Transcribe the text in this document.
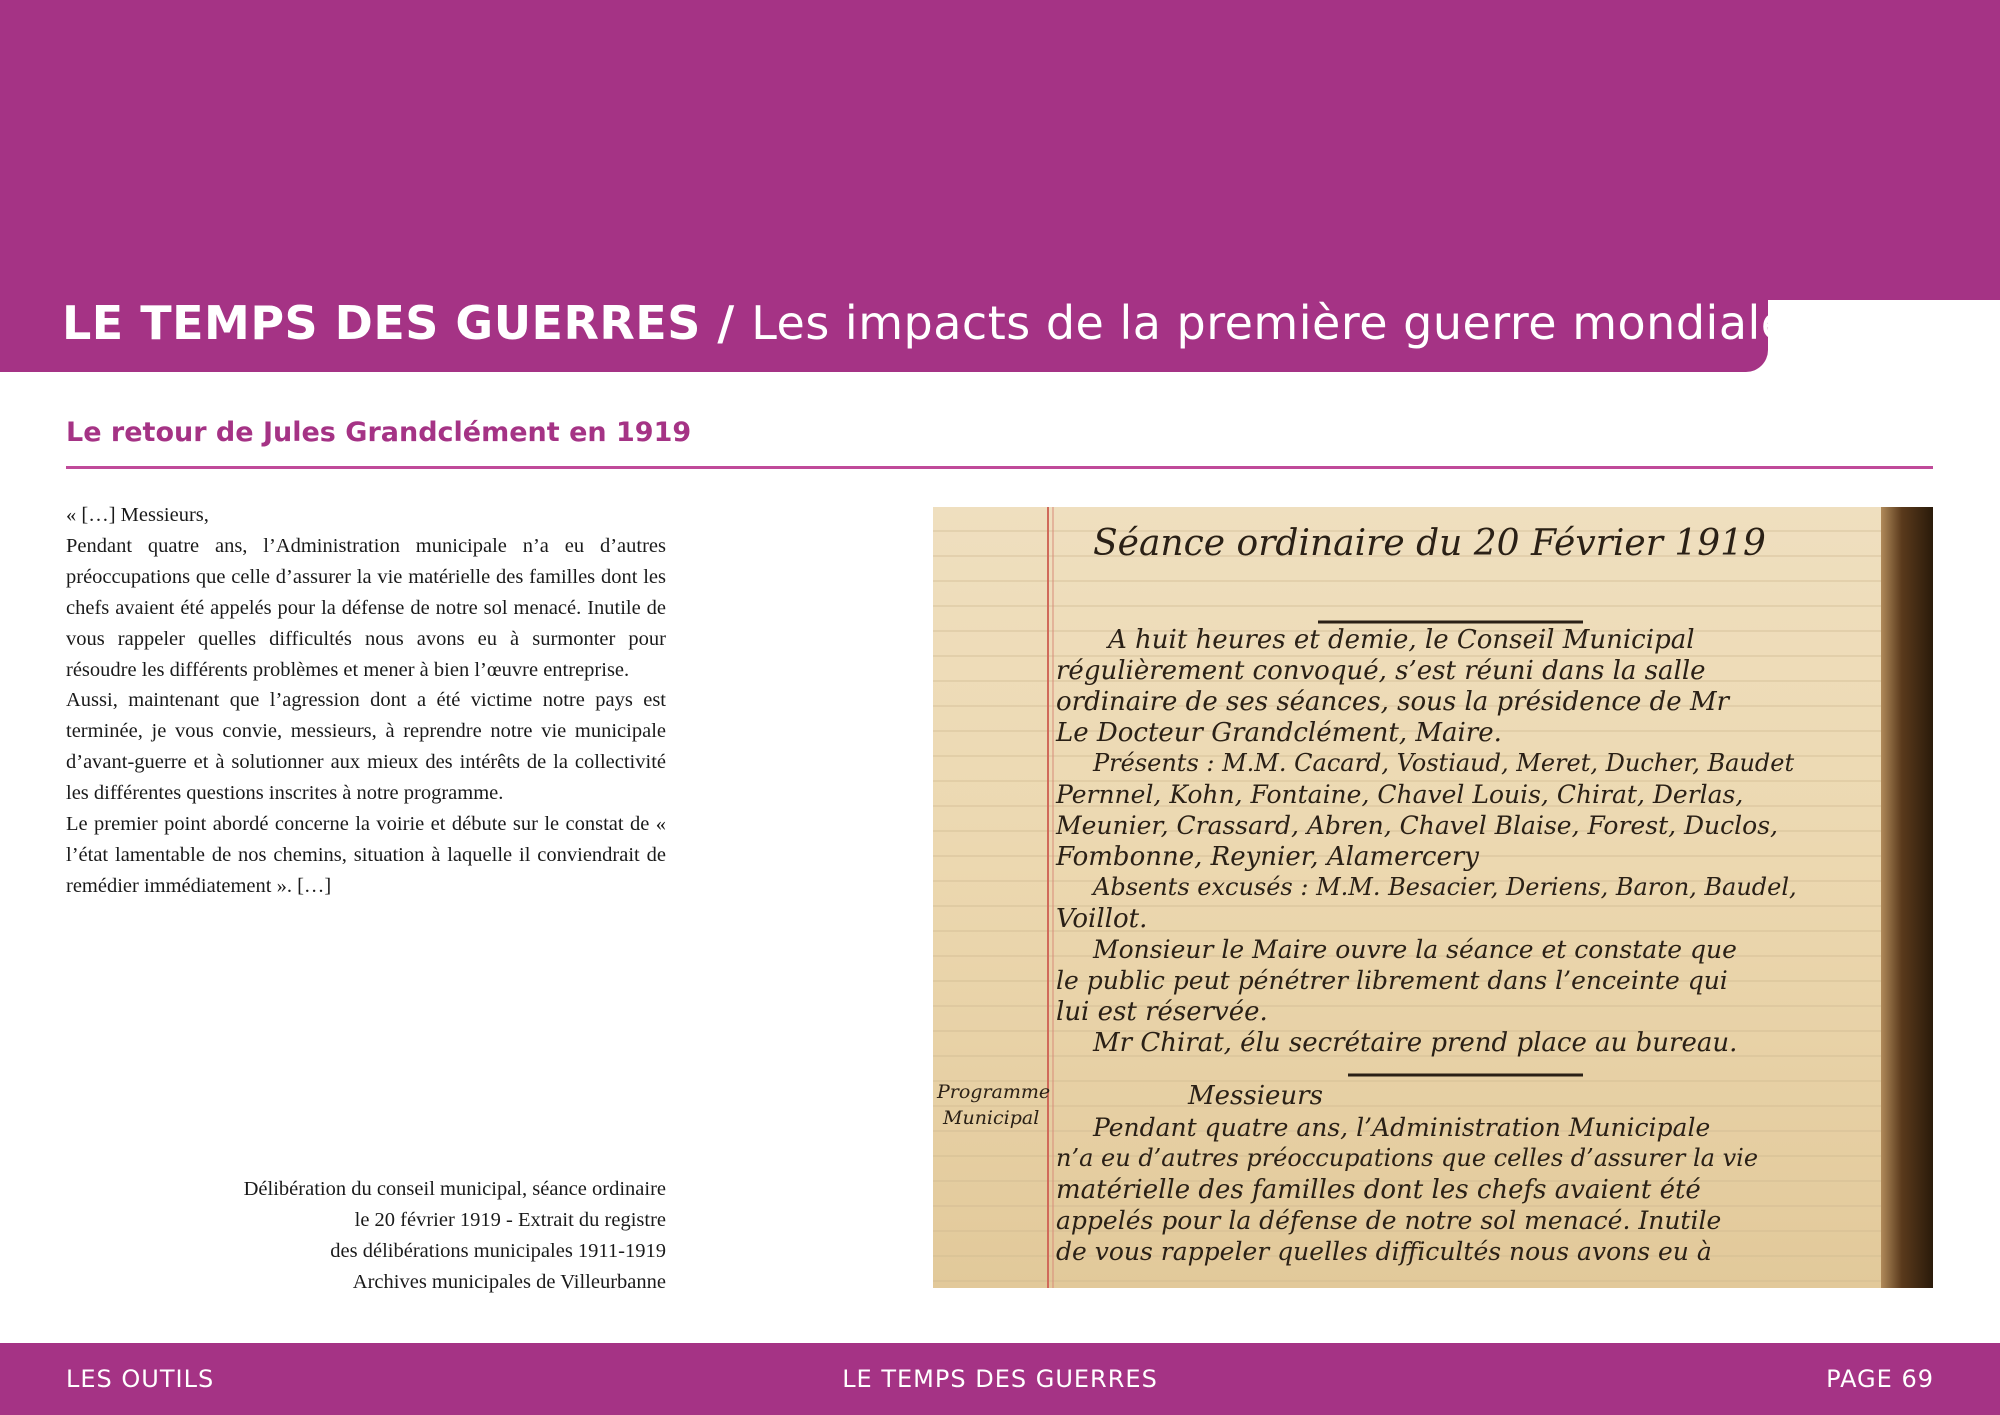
LE TEMPS DES GUERRES / Les impacts de la première guerre mondiale
Le retour de Jules Grandclément en 1919

« […] Messieurs,

Pendant quatre ans, l’Administration municipale n’a eu d’autres préoccupations que celle d’assurer la vie matérielle des familles dont les chefs avaient été appelés pour la défense de notre sol menacé. Inutile de vous rappeler quelles difficultés nous avons eu à surmonter pour résoudre les différents problèmes et mener à bien l’œuvre entreprise.

Aussi, maintenant que l’agression dont a été victime notre pays est terminée, je vous convie, messieurs, à reprendre notre vie municipale d’avant-guerre et à solutionner aux mieux des intérêts de la collectivité les différentes questions inscrites à notre programme.

Le premier point abordé concerne la voirie et débute sur le constat de « l’état lamentable de nos chemins, situation à laquelle il conviendrait de remédier immédiatement ». […]

Délibération du conseil municipal, séance ordinaire
le 20 février 1919 - Extrait du registre
des délibérations municipales 1911-1919
Archives municipales de Villeurbanne
Séance ordinaire du 20 Février 1919
Programme
Municipal
A huit heures et demie, le Conseil Municipal
régulièrement convoqué, s’est réuni dans la salle
ordinaire de ses séances, sous la présidence de Mr
Le Docteur Grandclément, Maire.
Présents : M.M. Cacard, Vostiaud, Meret, Ducher, Baudet
Pernnel, Kohn, Fontaine, Chavel Louis, Chirat, Derlas,
Meunier, Crassard, Abren, Chavel Blaise, Forest, Duclos,
Fombonne, Reynier, Alamercery
Absents excusés : M.M. Besacier, Deriens, Baron, Baudel,
Voillot.
Monsieur le Maire ouvre la séance et constate que
le public peut pénétrer librement dans l’enceinte qui
lui est réservée.
Mr Chirat, élu secrétaire prend place au bureau.
Messieurs
Pendant quatre ans, l’Administration Municipale
n’a eu d’autres préoccupations que celles d’assurer la vie
matérielle des familles dont les chefs avaient été
appelés pour la défense de notre sol menacé. Inutile
de vous rappeler quelles difficultés nous avons eu à
LES OUTILS	LE TEMPS DES GUERRES	PAGE 69
